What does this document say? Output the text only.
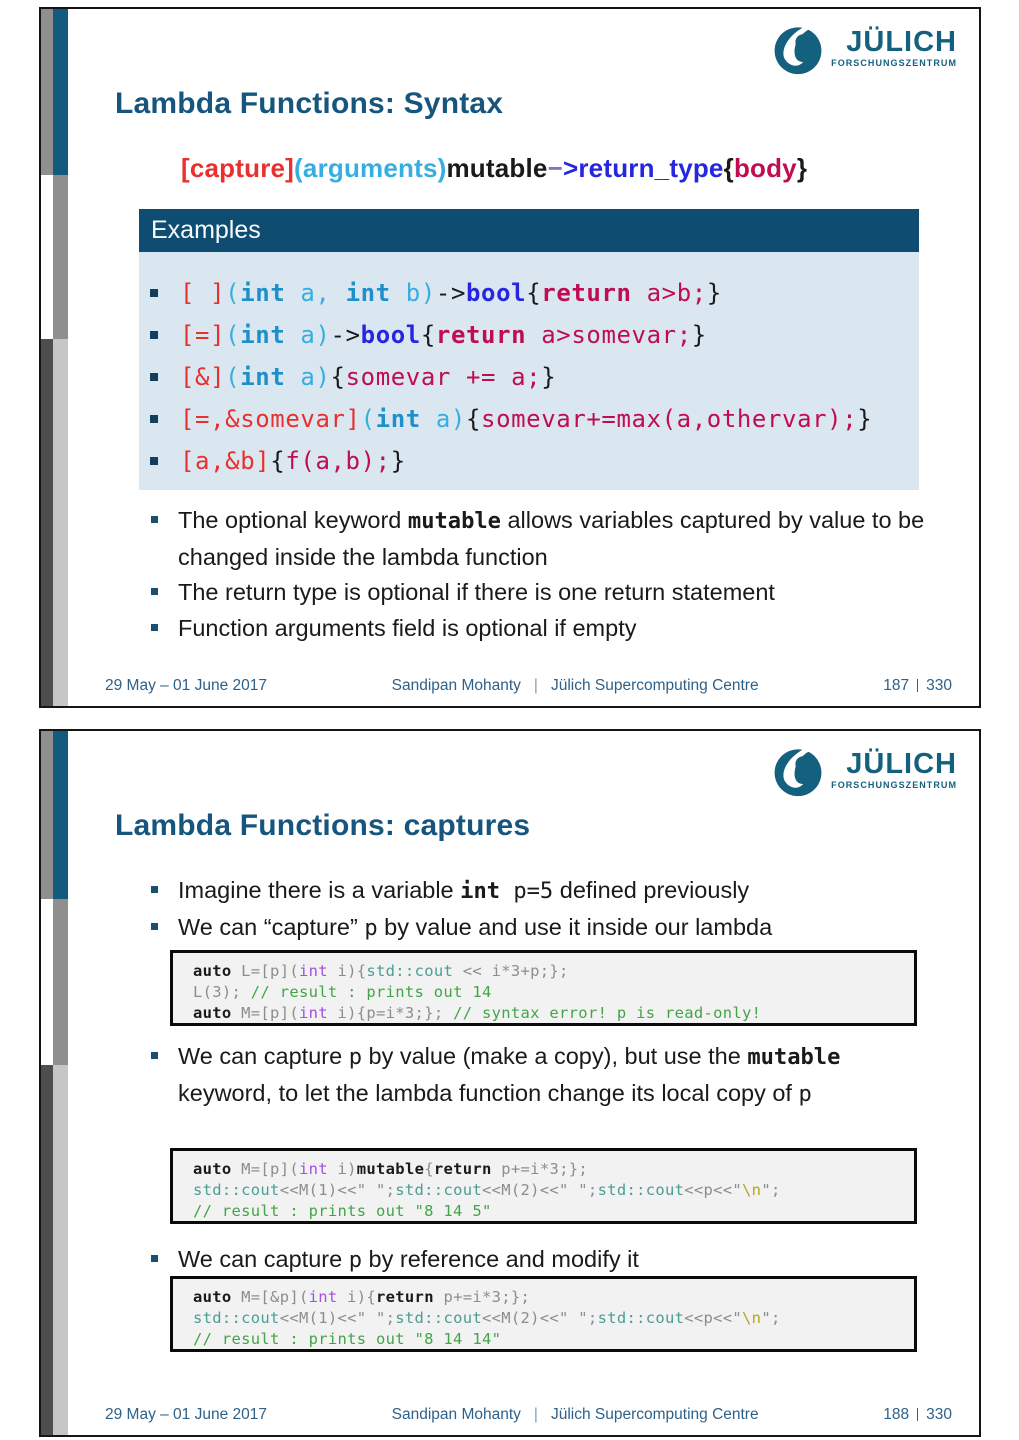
JÜLICH
FORSCHUNGSZENTRUM
Lambda Functions: Syntax
[capture](arguments)mutable−>return_type{body}
Examples
[ ](int a, int b)->bool{return a>b;}
[=](int a)->bool{return a>somevar;}
[&](int a){somevar += a;}
[=,&somevar](int a){somevar+=max(a,othervar);}
[a,&b]{f(a,b);}
The optional keyword mutable allows variables captured by value to be changed inside the lambda function
The return type is optional if there is one return statement
Function arguments field is optional if empty
29 May – 01 June 2017	Sandipan Mohanty | Jülich Supercomputing Centre	187 330
JÜLICH
FORSCHUNGSZENTRUM
Lambda Functions: captures
Imagine there is a variable int p=5 defined previously
We can “capture” p by value and use it inside our lambda
auto L=[p](int i){std::cout << i*3+p;};
L(3); // result : prints out 14
auto M=[p](int i){p=i*3;}; // syntax error! p is read-only!
We can capture p by value (make a copy), but use the mutable keyword, to let the lambda function change its local copy of p
auto M=[p](int i)mutable{return p+=i*3;};
std::cout<<M(1)<<" ";std::cout<<M(2)<<" ";std::cout<<p<<"\n";
// result : prints out "8 14 5"
We can capture p by reference and modify it
auto M=[&p](int i){return p+=i*3;};
std::cout<<M(1)<<" ";std::cout<<M(2)<<" ";std::cout<<p<<"\n";
// result : prints out "8 14 14"
29 May – 01 June 2017	Sandipan Mohanty | Jülich Supercomputing Centre	188 330
